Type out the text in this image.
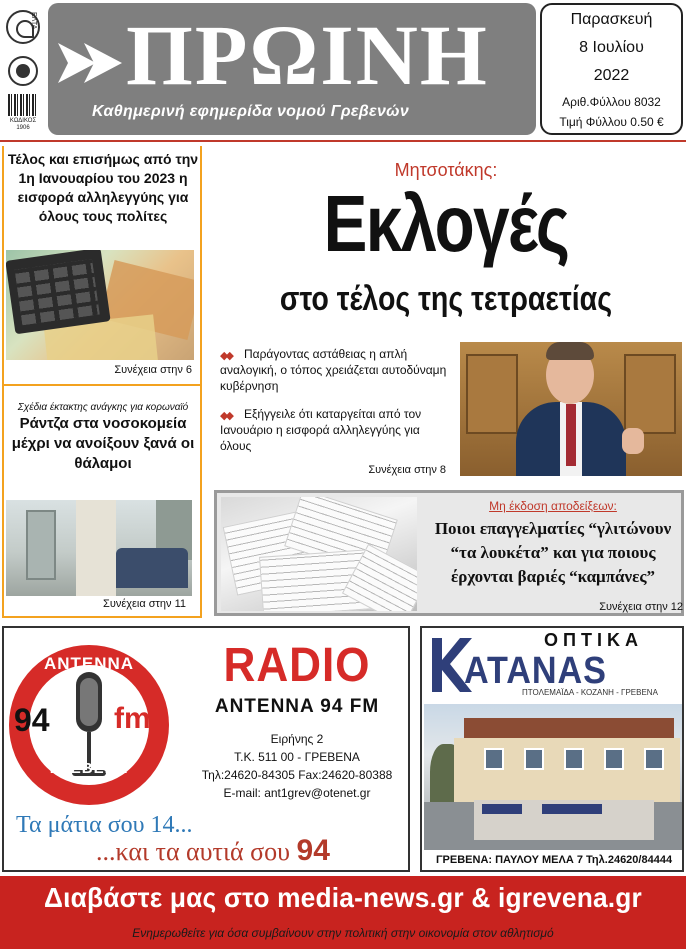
ΕΛΤΑ
ΚΩΔΙΚΟΣ
1906
ΠΡΩΙΝΗ
Καθημερινή εφημερίδα νομού Γρεβενών
Παρασκευή
8 Ιουλίου
2022
Αριθ.Φύλλου 8032
Τιμή Φύλλου 0.50 €
Τέλος και επισήμως από την 1η Ιανουαρίου του 2023 η εισφορά αλληλεγγύης για όλους τους πολίτες
Συνέχεια στην 6
Σχέδια έκτακτης ανάγκης για κορωναϊό
Ράντζα στα νοσοκομεία μέχρι να ανοίξουν ξανά οι θάλαμοι
Συνέχεια στην 11
Μητσοτάκης:
Εκλογές
στο τέλος της τετραετίας
◆◆	Παράγοντας αστάθειας η απλή αναλογική, ο τόπος χρειάζεται αυτοδύναμη κυβέρνηση
◆◆	Εξήγγειλε ότι καταργείται από τον Ιανουάριο η εισφορά αλληλεγγύης για όλους
Συνέχεια στην 8
Μη έκδοση αποδείξεων:
Ποιοι επαγγελματίες “γλιτώνουν “τα λουκέτα” και για ποιους έρχονται βαριές “καμπάνες”
Συνέχεια στην 12
ΑΝΤΕΝΝΑ
94 fm
ΓΡΕΒΕΝΑ
RADIO
ANTENNA 94 FM
Ειρήνης 2
Τ.Κ. 511 00 - ΓΡΕΒΕΝΑ
Τηλ:24620-84305 Fax:24620-80388
E-mail: ant1grev@otenet.gr
Τα μάτια σου 14...
...και τα αυτιά σου 94
ΟΠΤΙΚΑ
ATANAS
ΠΤΟΛΕΜΑΪΔΑ - ΚΟΖΑΝΗ - ΓΡΕΒΕΝΑ
ΓΡΕΒΕΝΑ: ΠΑΥΛΟΥ ΜΕΛΑ 7 Τηλ.24620/84444
Διαβάστε μας στο media-news.gr & igrevena.gr
Ενημερωθείτε για όσα συμβαίνουν στην πολιτική στην οικονομία στον αθλητισμό
